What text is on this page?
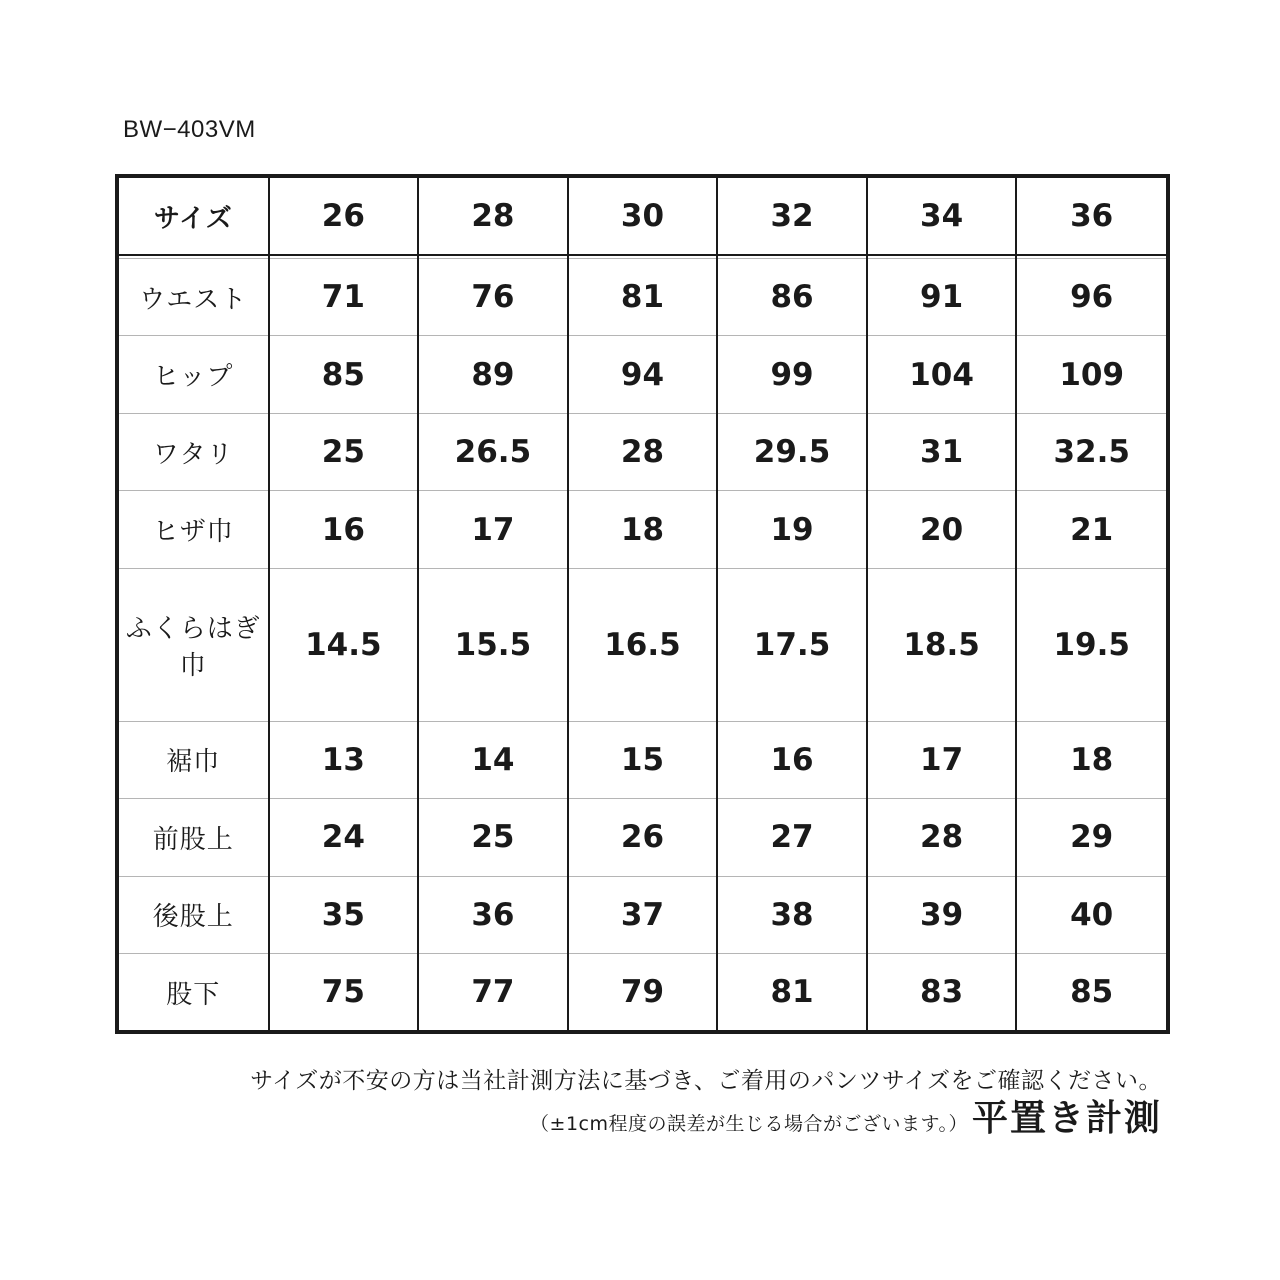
BW−403VM
サイズ	26	28	30	32	34	36

ウエスト	71	76	81	86	91	96
ヒップ	85	89	94	99	104	109
ワタリ	25	26.5	28	29.5	31	32.5
ヒザ巾	16	17	18	19	20	21
ふくらはぎ巾	14.5	15.5	16.5	17.5	18.5	19.5
裾巾	13	14	15	16	17	18
前股上	24	25	26	27	28	29
後股上	35	36	37	38	39	40
股下	75	77	79	81	83	85
サイズが不安の方は当社計測方法に基づき、ご着用のパンツサイズをご確認ください。
（±1cm程度の誤差が生じる場合がございます。） 平置き計測
